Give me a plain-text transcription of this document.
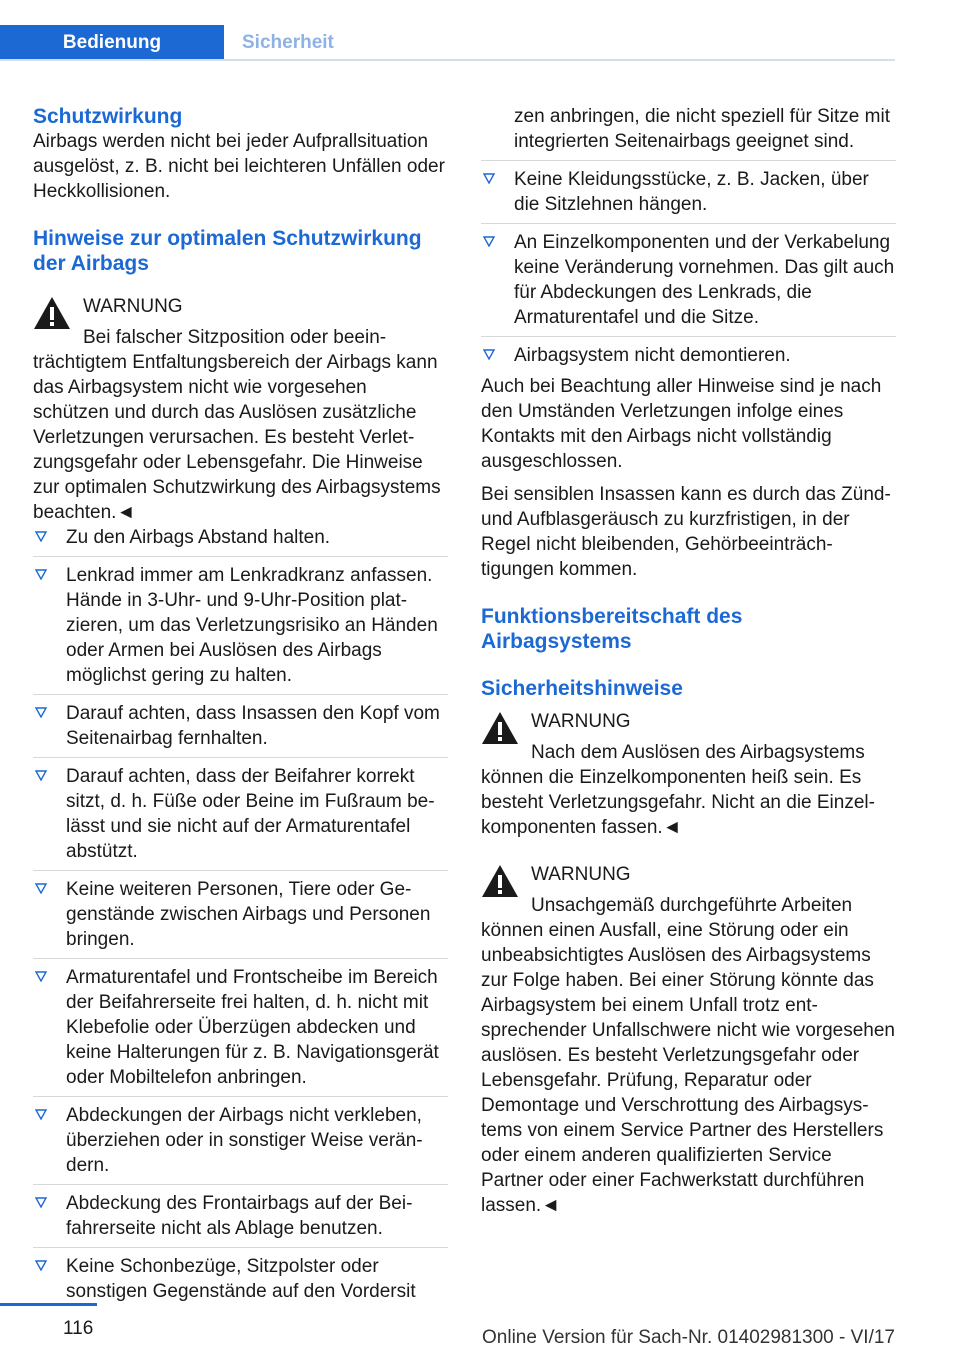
Bedienung	Sicherheit
Schutzwirkung

Airbags werden nicht bei jeder Aufprallsituation ausgelöst, z. B. nicht bei leichteren Unfällen oder Heckkollisionen.

Hinweise zur optimalen Schutzwirkung der Airbags
WARNUNG
Bei falscher Sitzposition oder beeinträchtigtem Entfaltungsbereich der Airbags kann das Airbagsystem nicht wie vorgesehen schützen und durch das Auslösen zusätzliche Verletzungen verursachen. Es besteht Verletzungsgefahr oder Lebensgefahr. Die Hinweise zur optimalen Schutzwirkung des Airbagsystems beachten.◄
Zu den Airbags Abstand halten.
Lenkrad immer am Lenkradkranz anfassen. Hände in 3-Uhr- und 9-Uhr-Position platzieren, um das Verletzungsrisiko an Händen oder Armen bei Auslösen des Airbags möglichst gering zu halten.
Darauf achten, dass Insassen den Kopf vom Seitenairbag fernhalten.
Darauf achten, dass der Beifahrer korrekt sitzt, d. h. Füße oder Beine im Fußraum belässt und sie nicht auf der Armaturentafel abstützt.
Keine weiteren Personen, Tiere oder Gegenstände zwischen Airbags und Personen bringen.
Armaturentafel und Frontscheibe im Bereich der Beifahrerseite frei halten, d. h. nicht mit Klebefolie oder Überzügen abdecken und keine Halterungen für z. B. Navigationsgerät oder Mobiltelefon anbringen.
Abdeckungen der Airbags nicht verkleben, überziehen oder in sonstiger Weise verändern.
Abdeckung des Frontairbags auf der Beifahrerseite nicht als Ablage benutzen.
Keine Schonbezüge, Sitzpolster oder sonstigen Gegenstände auf den Vordersit
zen anbringen, die nicht speziell für Sitze mit integrierten Seitenairbags geeignet sind.
Keine Kleidungsstücke, z. B. Jacken, über die Sitzlehnen hängen.
An Einzelkomponenten und der Verkabelung keine Veränderung vornehmen. Das gilt auch für Abdeckungen des Lenkrads, die Armaturentafel und die Sitze.
Airbagsystem nicht demontieren.

Auch bei Beachtung aller Hinweise sind je nach den Umständen Verletzungen infolge eines Kontakts mit den Airbags nicht vollständig ausgeschlossen.

Bei sensiblen Insassen kann es durch das Zünd- und Aufblasgeräusch zu kurzfristigen, in der Regel nicht bleibenden, Gehörbeeinträchtigungen kommen.

Funktionsbereitschaft des Airbagsystems
Sicherheitshinweise
WARNUNG
Nach dem Auslösen des Airbagsystems können die Einzelkomponenten heiß sein. Es besteht Verletzungsgefahr. Nicht an die Einzelkomponenten fassen.◄
WARNUNG
Unsachgemäß durchgeführte Arbeiten können einen Ausfall, eine Störung oder ein unbeabsichtigtes Auslösen des Airbagsystems zur Folge haben. Bei einer Störung könnte das Airbagsystem bei einem Unfall trotz entsprechender Unfallschwere nicht wie vorgesehen auslösen. Es besteht Verletzungsgefahr oder Lebensgefahr. Prüfung, Reparatur oder Demontage und Verschrottung des Airbagsystems von einem Service Partner des Herstellers oder einem anderen qualifizierten Service Partner oder einer Fachwerkstatt durchführen lassen.◄
116	Online Version für Sach-Nr. 01402981300 - VI/17
